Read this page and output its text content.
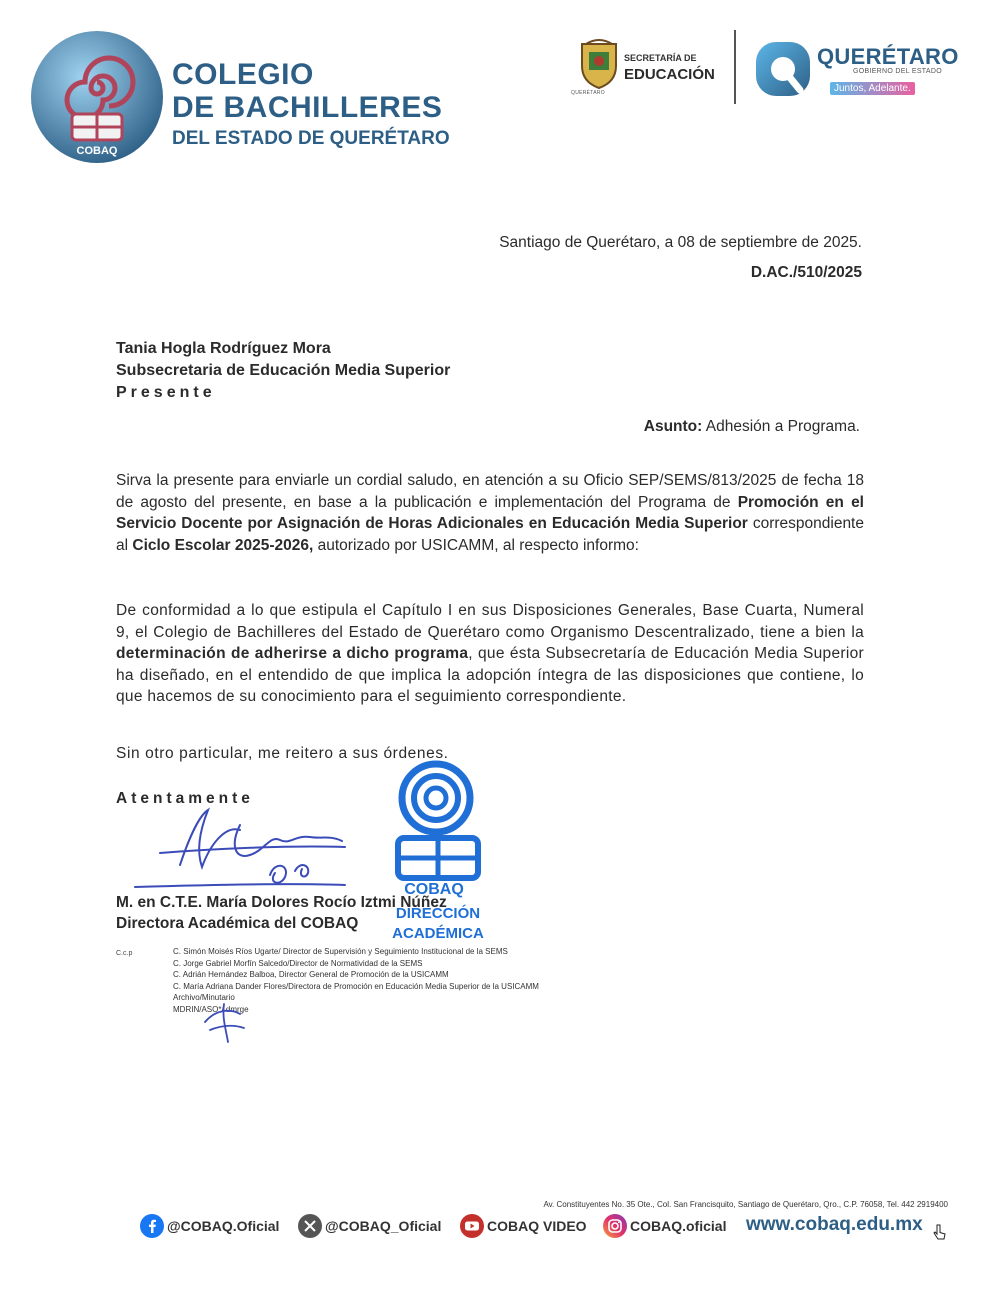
COBAQ
COLEGIO
DE BACHILLERES
DEL ESTADO DE QUERÉTARO
QUERÉTARO
SECRETARÍA DE
EDUCACIÓN
QUERÉTARO
GOBIERNO DEL ESTADO
Juntos, Adelante.
Santiago de Querétaro, a 08 de septiembre de 2025.
D.AC./510/2025
Tania Hogla Rodríguez Mora
Subsecretaria de Educación Media Superior
Presente
Asunto: Adhesión a Programa.

Sirva la presente para enviarle un cordial saludo, en atención a su Oficio SEP/SEMS/813/2025 de fecha 18 de agosto del presente, en base a la publicación e implementación del Programa de Promoción en el Servicio Docente por Asignación de Horas Adicionales en Educación Media Superior correspondiente al Ciclo Escolar 2025-2026, autorizado por USICAMM, al respecto informo:

De conformidad a lo que estipula el Capítulo I en sus Disposiciones Generales, Base Cuarta, Numeral 9, el Colegio de Bachilleres del Estado de Querétaro como Organismo Descentralizado, tiene a bien la determinación de adherirse a dicho programa, que ésta Subsecretaría de Educación Media Superior ha diseñado, en el entendido de que implica la adopción íntegra de las disposiciones que contiene, lo que hacemos de su conocimiento para el seguimiento correspondiente.

Sin otro particular, me reitero a sus órdenes.
Atentamente
COBAQ
DIRECCIÓN
ACADÉMICA
M. en C.T.E. María Dolores Rocío Iztmi Núñez
Directora Académica del COBAQ
C.c.p	C. Simón Moisés Ríos Ugarte/ Director de Supervisión y Seguimiento Institucional de la SEMS
C. Jorge Gabriel Morfín Salcedo/Director de Normatividad de la SEMS
C. Adrián Hernández Balboa, Director General de Promoción de la USICAMM
C. María Adriana Dander Flores/Directora de Promoción en Educación Media Superior de la USICAMM
Archivo/Minutario
MDRIN/ASO*/ dmrge
Av. Constituyentes No. 35 Ote., Col. San Francisquito, Santiago de Querétaro, Qro., C.P. 76058, Tel. 442 2919400
@COBAQ.Oficial	@COBAQ_Oficial	COBAQ VIDEO	COBAQ.oficial www.cobaq.edu.mx
